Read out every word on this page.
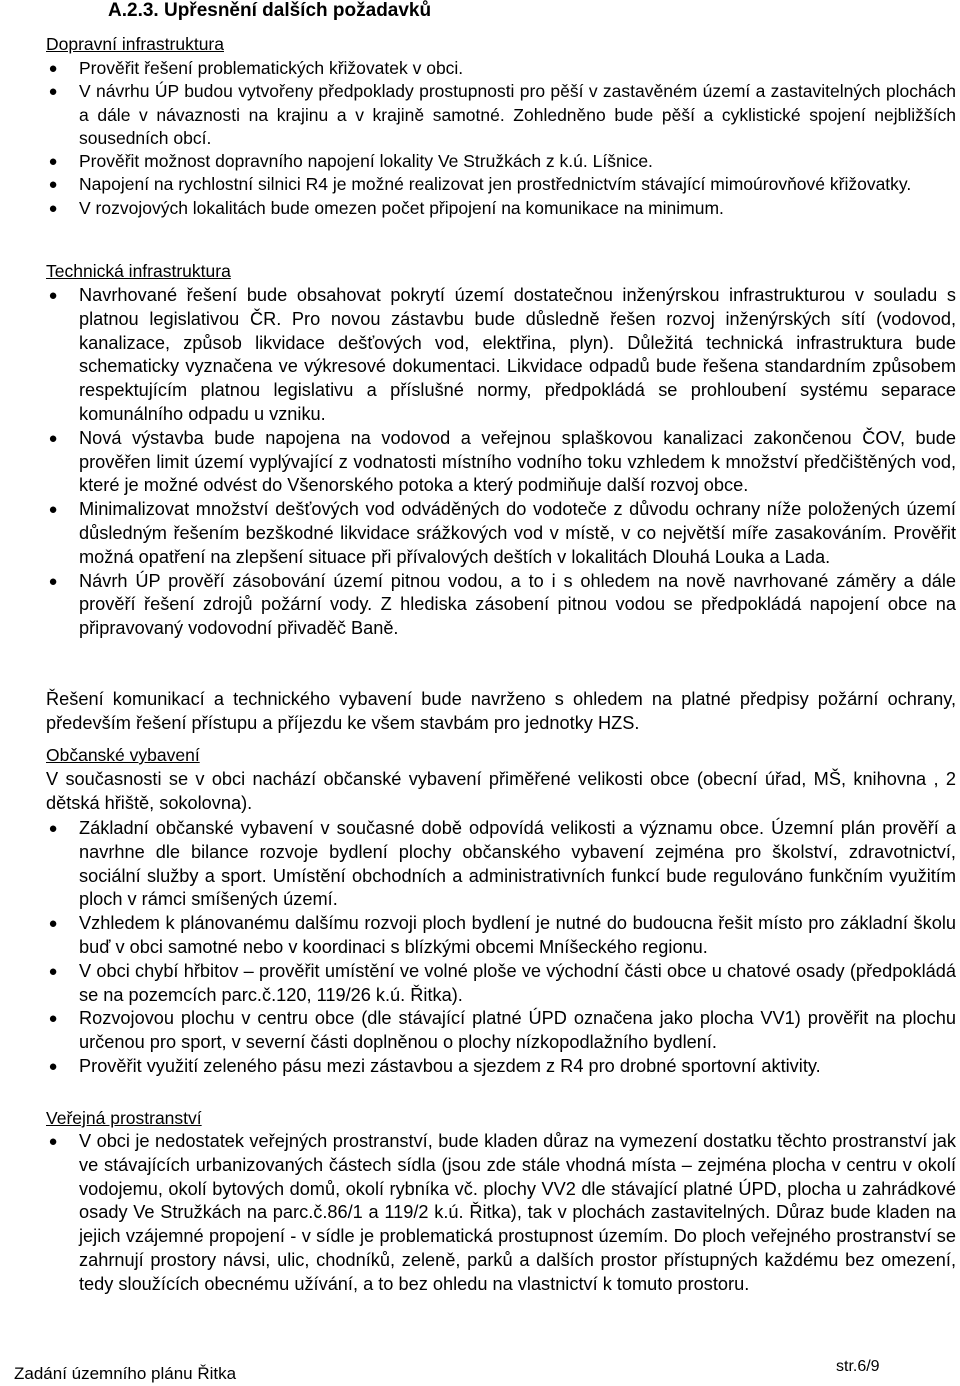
A.2.3. Upřesnění dalších požadavků
Dopravní infrastruktura
● Prověřit řešení problematických křižovatek v obci.
● V návrhu ÚP budou vytvořeny předpoklady prostupnosti pro pěší v zastavěném území a zastavitelných plochách a dále v návaznosti na krajinu a v krajině samotné. Zohledněno bude pěší a cyklistické spojení nejbližších sousedních obcí.
● Prověřit možnost dopravního napojení lokality Ve Stružkách z k.ú. Líšnice.
● Napojení na rychlostní silnici R4 je možné realizovat jen prostřednictvím stávající mimoúrovňové křižovatky.
● V rozvojových lokalitách bude omezen počet připojení na komunikace na minimum.
Technická infrastruktura
● Navrhované řešení bude obsahovat pokrytí území dostatečnou inženýrskou infrastrukturou v souladu s platnou legislativou ČR. Pro novou zástavbu bude důsledně řešen rozvoj inženýrských sítí (vodovod, kanalizace, způsob likvidace dešťových vod, elektřina, plyn). Důležitá technická infrastruktura bude schematicky vyznačena ve výkresové dokumentaci. Likvidace odpadů bude řešena standardním způsobem respektujícím platnou legislativu a příslušné normy, předpokládá se prohloubení systému separace komunálního odpadu u vzniku.
● Nová výstavba bude napojena na vodovod a veřejnou splaškovou kanalizaci zakončenou ČOV, bude prověřen limit území vyplývající z vodnatosti místního vodního toku vzhledem k množství předčištěných vod, které je možné odvést do Všenorského potoka a který podmiňuje další rozvoj obce.
● Minimalizovat množství dešťových vod odváděných do vodoteče z důvodu ochrany níže položených území důsledným řešením bezškodné likvidace srážkových vod v místě, v co největší míře zasakováním. Prověřit možná opatření na zlepšení situace při přívalových deštích v lokalitách Dlouhá Louka a Lada.
● Návrh ÚP prověří zásobování území pitnou vodou, a to i s ohledem na nově navrhované záměry a dále prověří řešení zdrojů požární vody. Z hlediska zásobení pitnou vodou se předpokládá napojení obce na připravovaný vodovodní přivaděč Baně.

Řešení komunikací a technického vybavení bude navrženo s ohledem na platné předpisy požární ochrany, především řešení přístupu a příjezdu ke všem stavbám pro jednotky HZS.

Občanské vybavení

V současnosti se v obci nachází občanské vybavení přiměřené velikosti obce (obecní úřad, MŠ, knihovna , 2 dětská hřiště, sokolovna).

● Základní občanské vybavení v současné době odpovídá velikosti a významu obce. Územní plán prověří a navrhne dle bilance rozvoje bydlení plochy občanského vybavení zejména pro školství, zdravotnictví, sociální služby a sport. Umístění obchodních a administrativních funkcí bude regulováno funkčním využitím ploch v rámci smíšených území.
● Vzhledem k plánovanému dalšímu rozvoji ploch bydlení je nutné do budoucna řešit místo pro základní školu buď v obci samotné nebo v koordinaci s blízkými obcemi Mníšeckého regionu.
● V obci chybí hřbitov – prověřit umístění ve volné ploše ve východní části obce u chatové osady (předpokládá se na pozemcích parc.č.120, 119/26 k.ú. Řitka).
● Rozvojovou plochu v centru obce (dle stávající platné ÚPD označena jako plocha VV1) prověřit na plochu určenou pro sport, v severní části doplněnou o plochy nízkopodlažního bydlení.
● Prověřit využití zeleného pásu mezi zástavbou a sjezdem z R4 pro drobné sportovní aktivity.
Veřejná prostranství
● V obci je nedostatek veřejných prostranství, bude kladen důraz na vymezení dostatku těchto prostranství jak ve stávajících urbanizovaných částech sídla (jsou zde stále vhodná místa – zejména plocha v centru v okolí vodojemu, okolí bytových domů, okolí rybníka vč. plochy VV2 dle stávající platné ÚPD, plocha u zahrádkové osady Ve Stružkách na parc.č.86/1 a 119/2 k.ú. Řitka), tak v plochách zastavitelných. Důraz bude kladen na jejich vzájemné propojení - v sídle je problematická prostupnost územím. Do ploch veřejného prostranství se zahrnují prostory návsi, ulic, chodníků, zeleně, parků a dalších prostor přístupných každému bez omezení, tedy sloužících obecnému užívání, a to bez ohledu na vlastnictví k tomuto prostoru.
Zadání územního plánu Řitka	str.6/9
